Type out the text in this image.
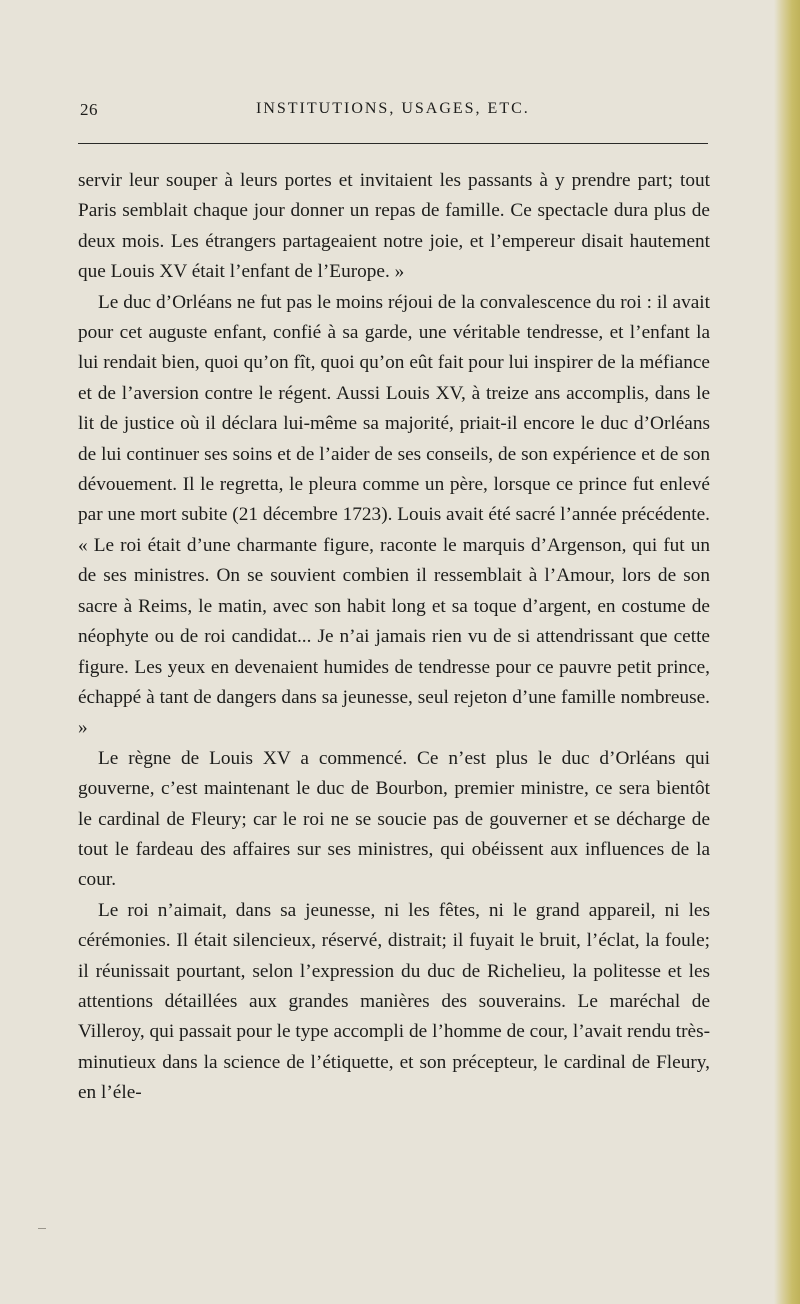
26	INSTITUTIONS, USAGES, ETC.

servir leur souper à leurs portes et invitaient les passants à y prendre part; tout Paris semblait chaque jour donner un repas de famille. Ce spectacle dura plus de deux mois. Les étrangers partageaient notre joie, et l’empereur disait hautement que Louis XV était l’enfant de l’Europe. »

Le duc d’Orléans ne fut pas le moins réjoui de la convalescence du roi : il avait pour cet auguste enfant, confié à sa garde, une véritable tendresse, et l’enfant la lui rendait bien, quoi qu’on fît, quoi qu’on eût fait pour lui inspirer de la méfiance et de l’aversion contre le régent. Aussi Louis XV, à treize ans accomplis, dans le lit de justice où il déclara lui-même sa majorité, priait-il encore le duc d’Orléans de lui continuer ses soins et de l’aider de ses conseils, de son expérience et de son dévouement. Il le regretta, le pleura comme un père, lorsque ce prince fut enlevé par une mort subite (21 décembre 1723). Louis avait été sacré l’année précédente. « Le roi était d’une charmante figure, raconte le marquis d’Argenson, qui fut un de ses ministres. On se souvient combien il ressemblait à l’Amour, lors de son sacre à Reims, le matin, avec son habit long et sa toque d’argent, en costume de néophyte ou de roi candidat... Je n’ai jamais rien vu de si attendrissant que cette figure. Les yeux en devenaient humides de tendresse pour ce pauvre petit prince, échappé à tant de dangers dans sa jeunesse, seul rejeton d’une famille nombreuse. »

Le règne de Louis XV a commencé. Ce n’est plus le duc d’Orléans qui gouverne, c’est maintenant le duc de Bourbon, premier ministre, ce sera bientôt le cardinal de Fleury; car le roi ne se soucie pas de gouverner et se décharge de tout le fardeau des affaires sur ses ministres, qui obéissent aux influences de la cour.

Le roi n’aimait, dans sa jeunesse, ni les fêtes, ni le grand appareil, ni les cérémonies. Il était silencieux, réservé, distrait; il fuyait le bruit, l’éclat, la foule; il réunissait pourtant, selon l’expression du duc de Richelieu, la politesse et les attentions détaillées aux grandes manières des souverains. Le maréchal de Villeroy, qui passait pour le type accompli de l’homme de cour, l’avait rendu très-minutieux dans la science de l’étiquette, et son précepteur, le cardinal de Fleury, en l’éle-
